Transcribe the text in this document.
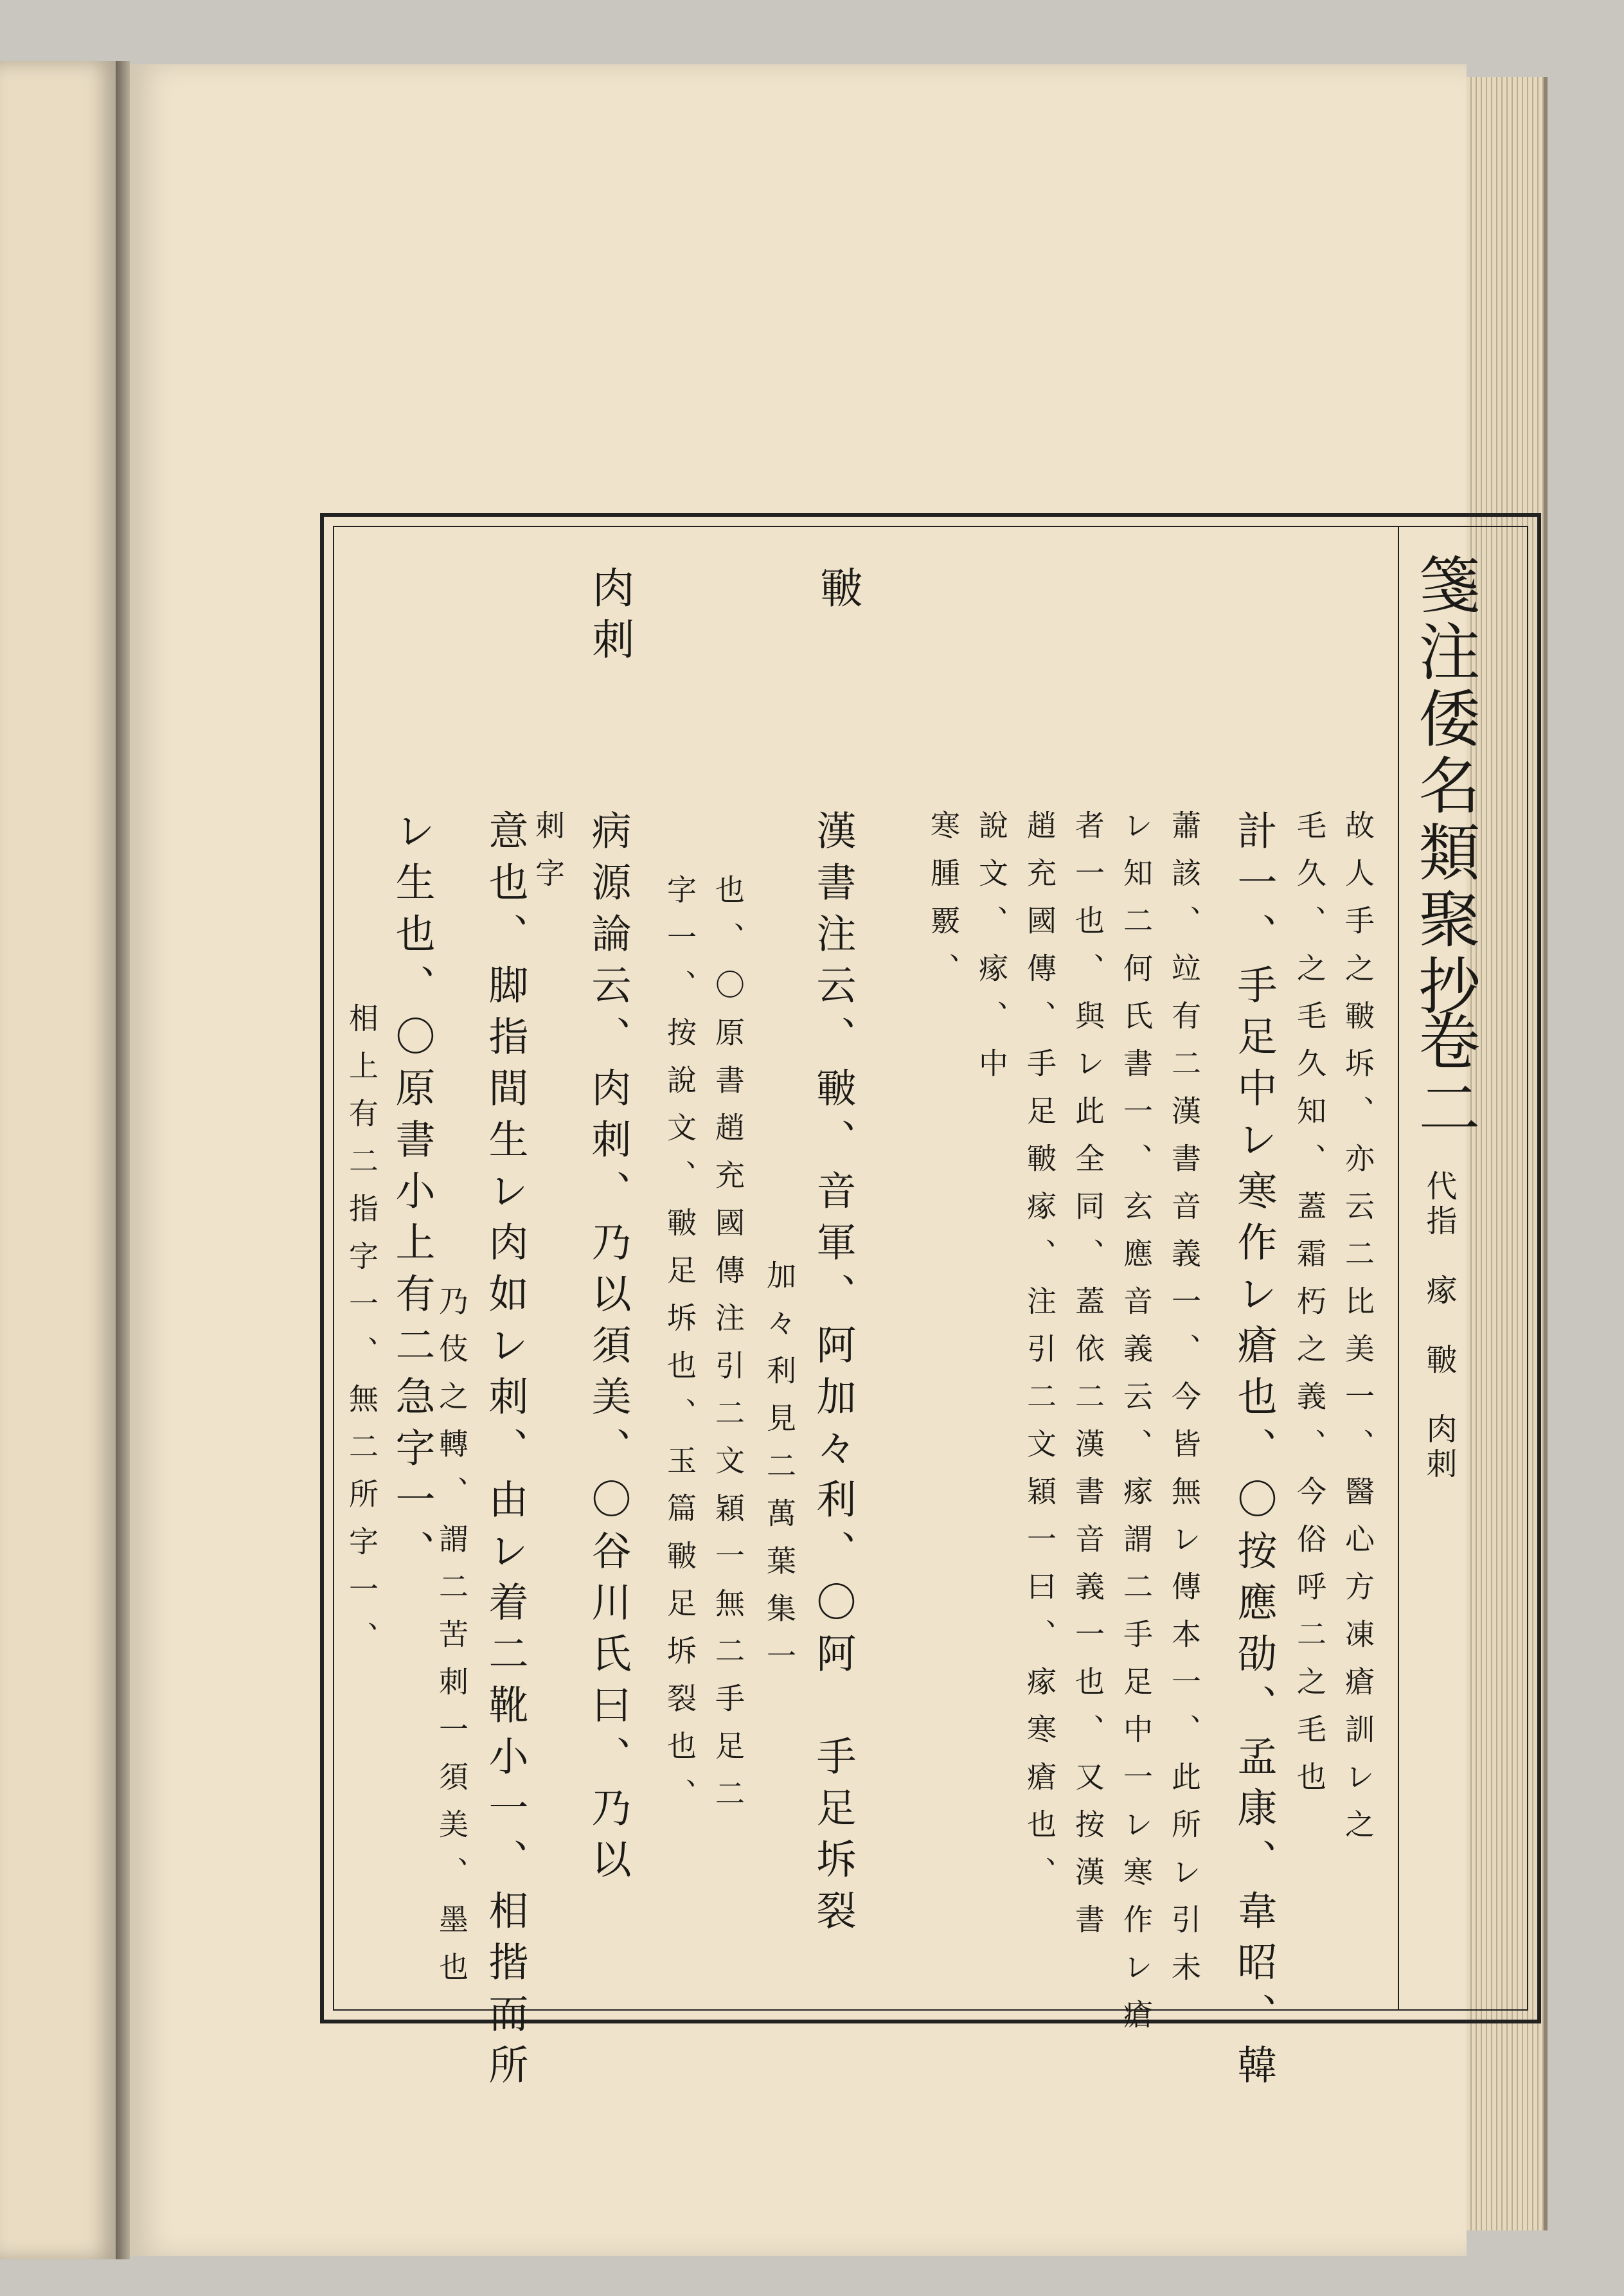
箋注倭名類聚抄
卷二
代指　瘃　皸　肉刺
故人手之皸坼、亦云二比美一、醫心方凍瘡訓レ之
毛久、之毛久知、蓋霜朽之義、今俗呼二之毛也
計一、手足中レ寒作レ瘡也、〇按應劭、孟康、韋昭、韓
蕭該、竝有二漢書音義一、今皆無レ傳本一、此所レ引未
レ知二何氏書一、玄應音義云、瘃謂二手足中一レ寒作レ瘡
者一也、與レ此全同、蓋依二漢書音義一也、又按漢書
趙充國傳、手足皸瘃、注引二文穎一曰、瘃寒瘡也、
說文、瘃、中
寒腫覈、
皸
漢書注云、皸、音軍、阿加々利、〇阿　手足坼裂
加々利見二萬葉集一
也、〇原書趙充國傳注引二文穎一無二手足二
字一、按說文、皸足坼也、玉篇皸足坼裂也、
肉刺
病源論云、肉刺、乃以須美、〇谷川氏曰、乃以
刺字
意也、脚指間生レ肉如レ刺、由レ着二靴小一、相揩而所
乃伎之轉、謂二苦刺一須美、墨也
レ生也、〇原書小上有二急字一、
相上有二指字一、無二所字一、
